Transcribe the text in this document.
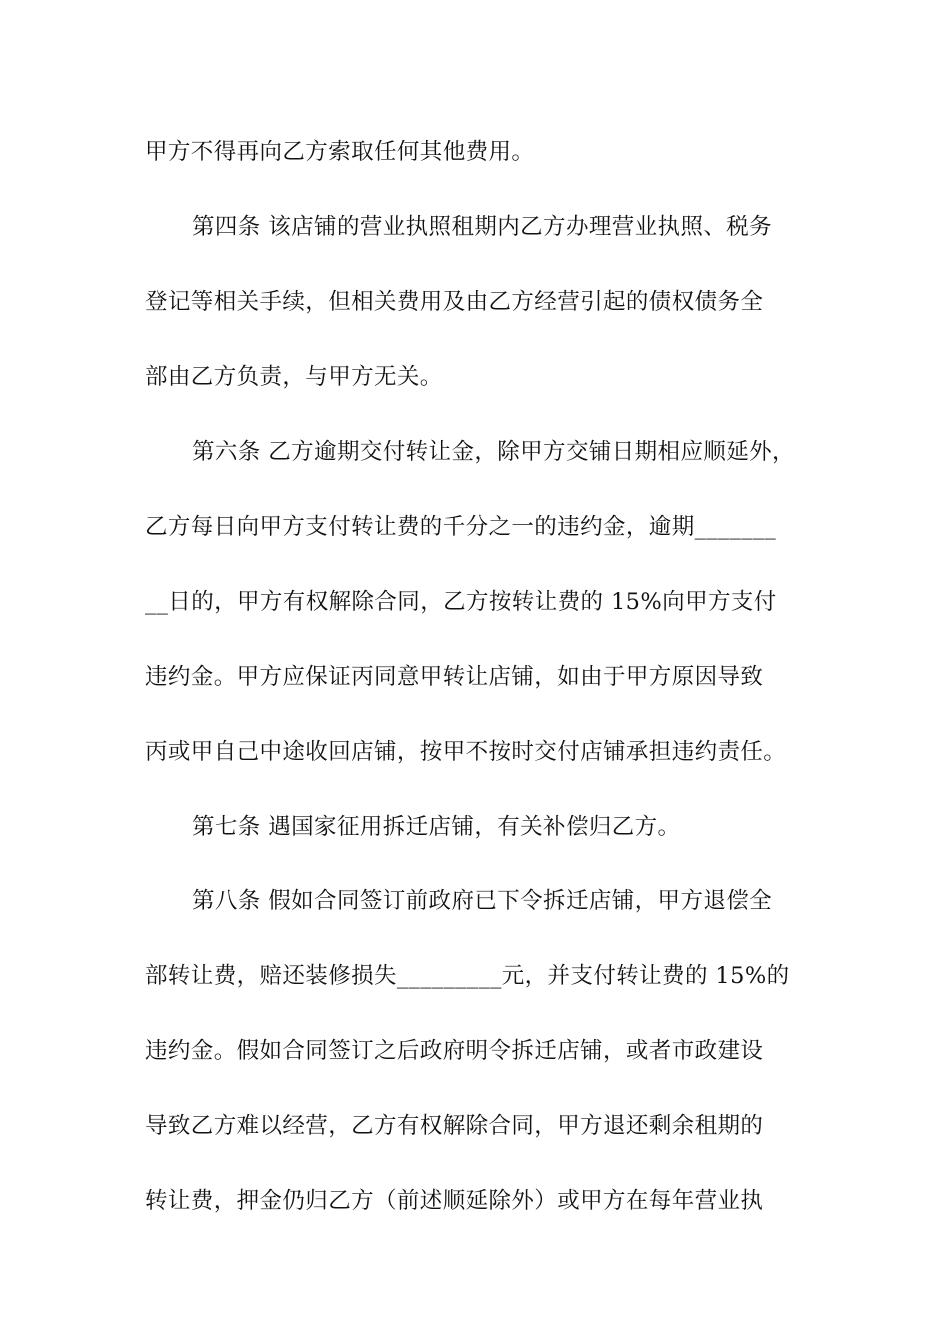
甲方不得再向乙方索取任何其他费用。
第四条 该店铺的营业执照租期内乙方办理营业执照、税务
登记等相关手续，但相关费用及由乙方经营引起的债权债务全
部由乙方负责，与甲方无关。
第六条 乙方逾期交付转让金，除甲方交铺日期相应顺延外，
乙方每日向甲方支付转让费的千分之一的违约金，逾期_______
__日的，甲方有权解除合同，乙方按转让费的 15%向甲方支付
违约金。甲方应保证丙同意甲转让店铺，如由于甲方原因导致
丙或甲自己中途收回店铺，按甲不按时交付店铺承担违约责任。
第七条 遇国家征用拆迁店铺，有关补偿归乙方。
第八条 假如合同签订前政府已下令拆迁店铺，甲方退偿全
部转让费，赔还装修损失_________元，并支付转让费的 15%的
违约金。假如合同签订之后政府明令拆迁店铺，或者市政建设
导致乙方难以经营，乙方有权解除合同，甲方退还剩余租期的
转让费，押金仍归乙方（前述顺延除外）或甲方在每年营业执
